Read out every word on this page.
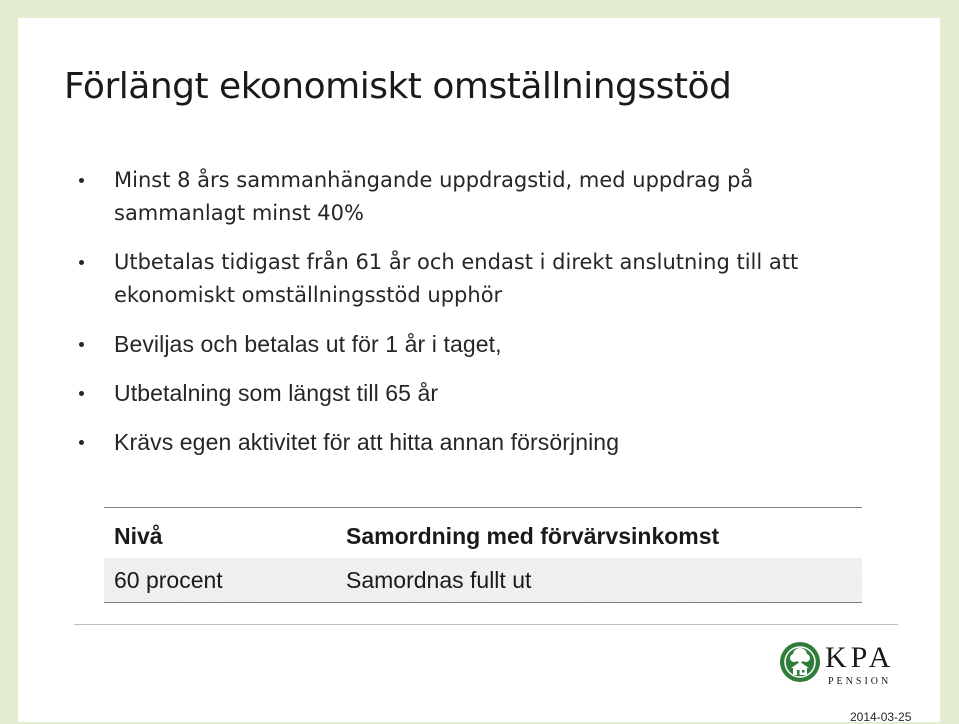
Förlängt ekonomiskt omställningsstöd
Minst 8 års sammanhängande uppdragstid, med uppdrag på sammanlagt minst 40%
Utbetalas tidigast från 61 år och endast i direkt anslutning till att ekonomiskt omställningsstöd upphör
Beviljas och betalas ut för 1 år i taget,
Utbetalning som längst till 65 år
Krävs egen aktivitet för att hitta annan försörjning
Nivå	Samordning med förvärvsinkomst
60 procent	Samordnas fullt ut
KPA
PENSION
2014-03-25
